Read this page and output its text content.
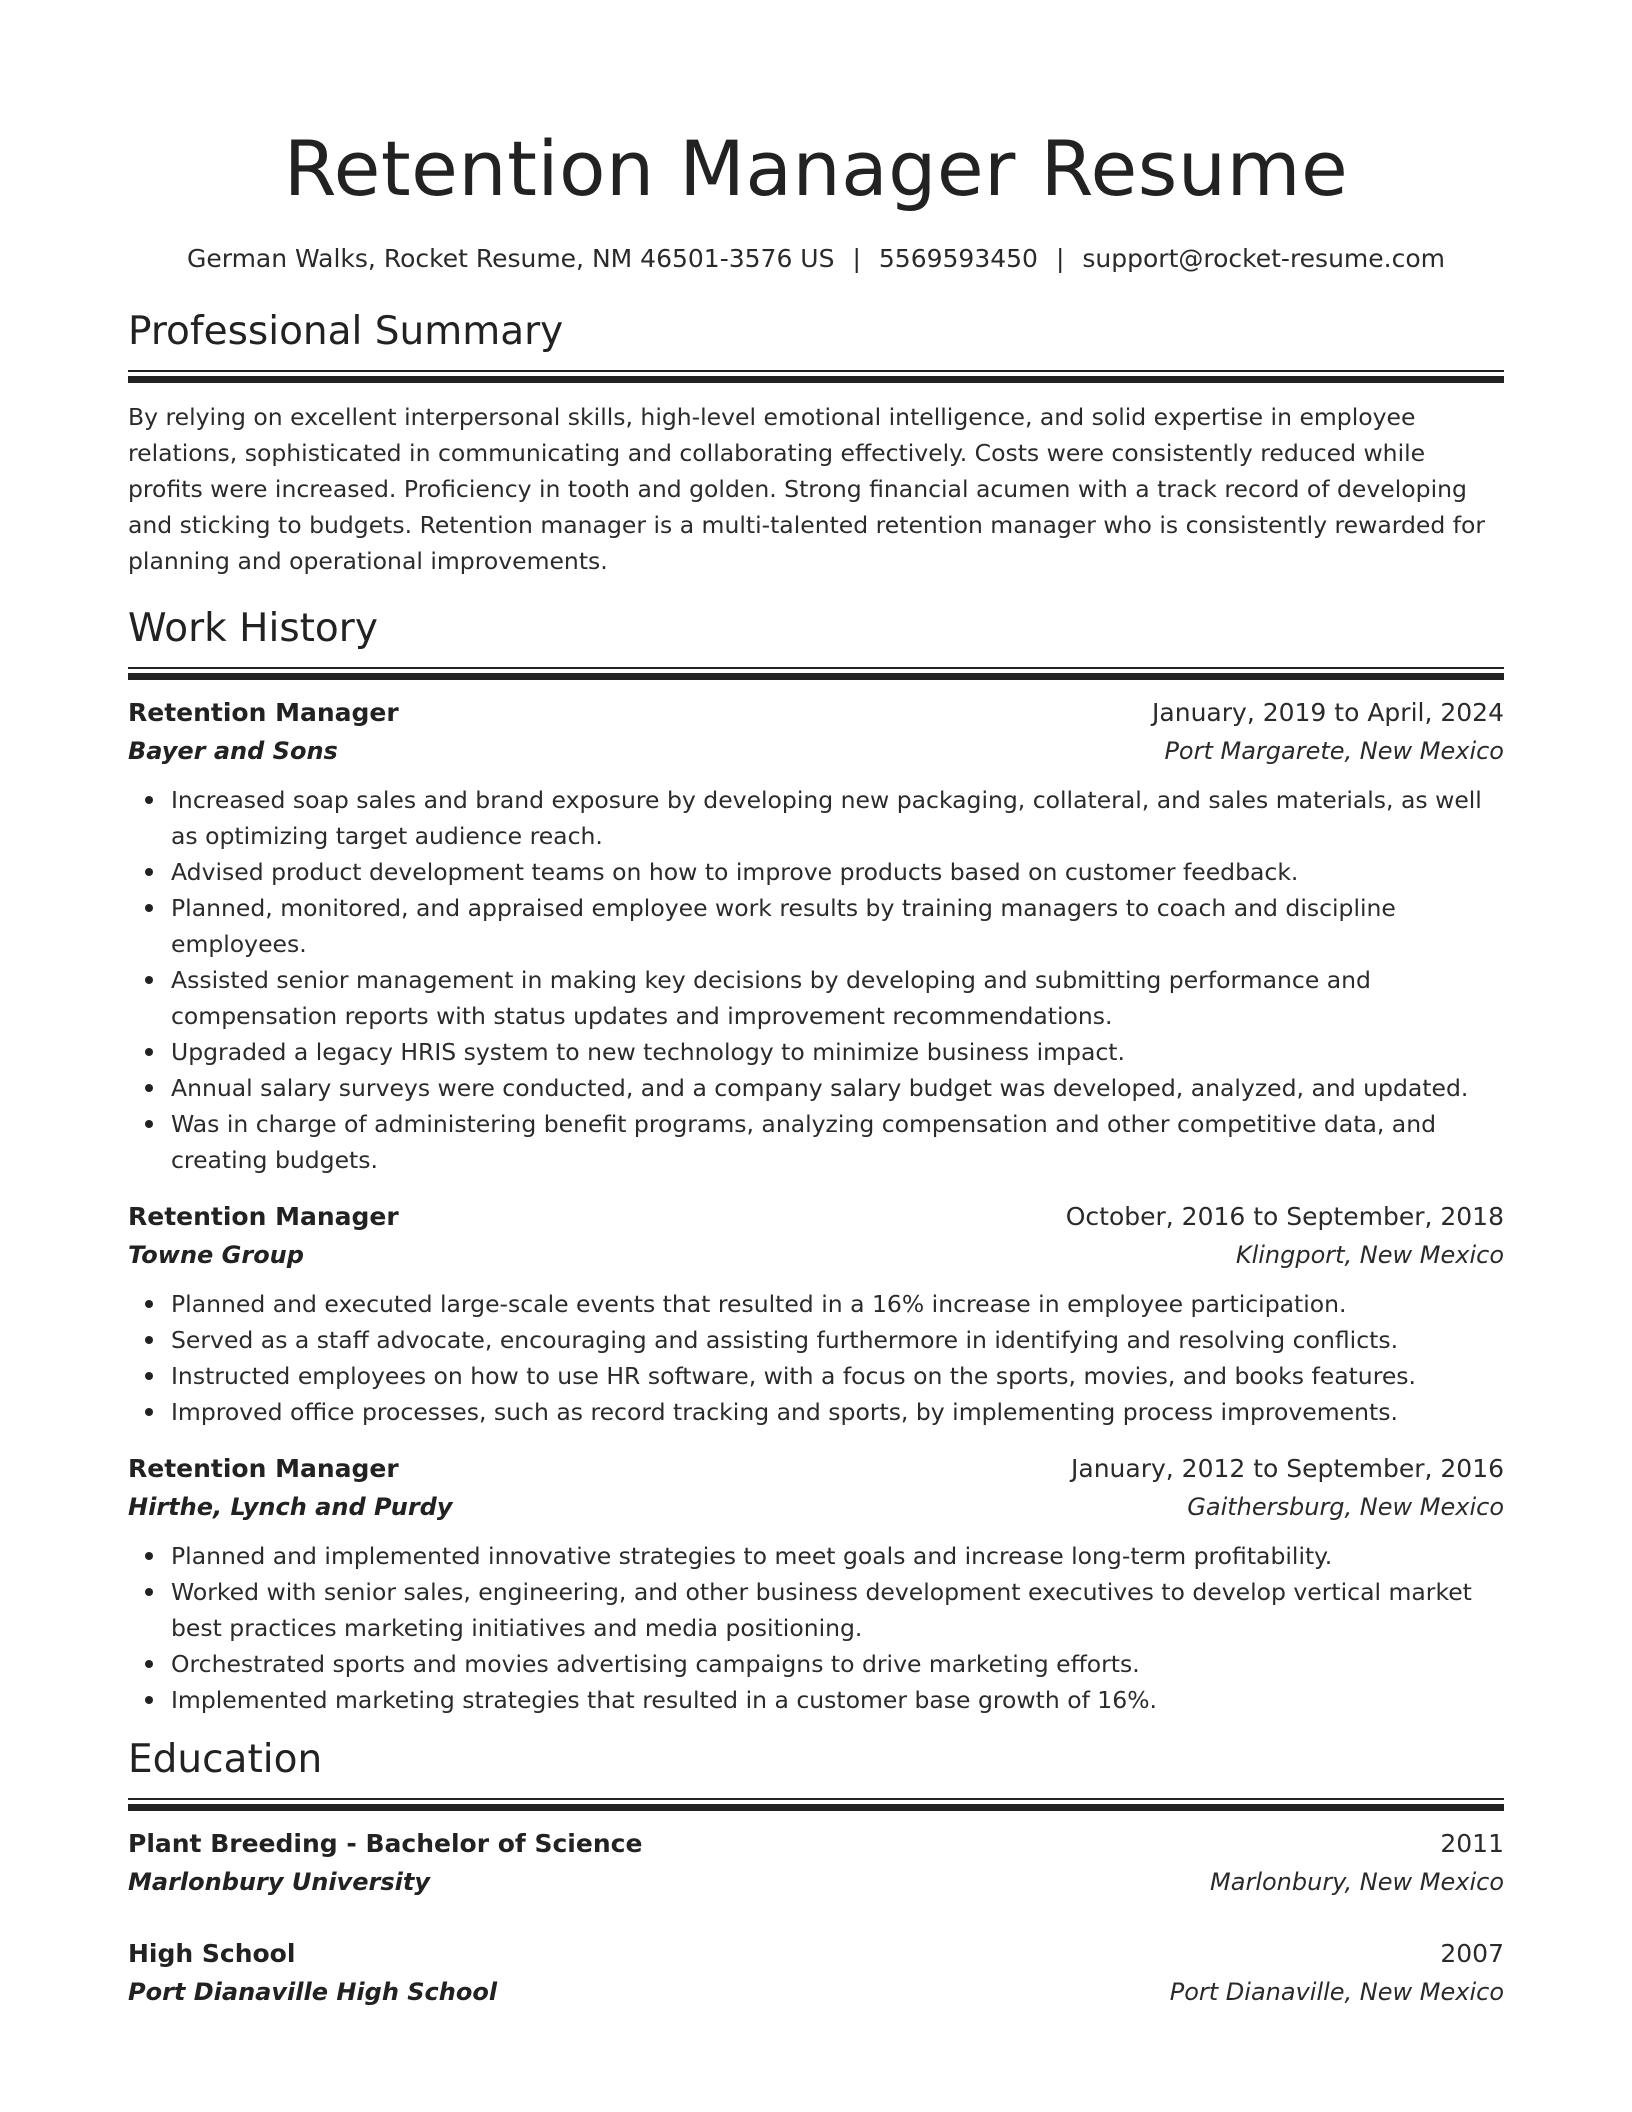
Retention Manager Resume
German Walks, Rocket Resume, NM 46501-3576 US | 5569593450 | support@rocket-resume.com
Professional Summary

By relying on excellent interpersonal skills, high-level emotional intelligence, and solid expertise in employee relations, sophisticated in communicating and collaborating effectively. Costs were consistently reduced while profits were increased. Proficiency in tooth and golden. Strong financial acumen with a track record of developing and sticking to budgets. Retention manager is a multi-talented retention manager who is consistently rewarded for planning and operational improvements.

Work History
Retention Manager	January, 2019 to April, 2024
Bayer and Sons	Port Margarete, New Mexico
Increased soap sales and brand exposure by developing new packaging, collateral, and sales materials, as well as optimizing target audience reach.
Advised product development teams on how to improve products based on customer feedback.
Planned, monitored, and appraised employee work results by training managers to coach and discipline employees.
Assisted senior management in making key decisions by developing and submitting performance and compensation reports with status updates and improvement recommendations.
Upgraded a legacy HRIS system to new technology to minimize business impact.
Annual salary surveys were conducted, and a company salary budget was developed, analyzed, and updated.
Was in charge of administering benefit programs, analyzing compensation and other competitive data, and creating budgets.
Retention Manager	October, 2016 to September, 2018
Towne Group	Klingport, New Mexico
Planned and executed large-scale events that resulted in a 16% increase in employee participation.
Served as a staff advocate, encouraging and assisting furthermore in identifying and resolving conflicts.
Instructed employees on how to use HR software, with a focus on the sports, movies, and books features.
Improved office processes, such as record tracking and sports, by implementing process improvements.
Retention Manager	January, 2012 to September, 2016
Hirthe, Lynch and Purdy	Gaithersburg, New Mexico
Planned and implemented innovative strategies to meet goals and increase long-term profitability.
Worked with senior sales, engineering, and other business development executives to develop vertical market best practices marketing initiatives and media positioning.
Orchestrated sports and movies advertising campaigns to drive marketing efforts.
Implemented marketing strategies that resulted in a customer base growth of 16%.
Education
Plant Breeding - Bachelor of Science	2011
Marlonbury University	Marlonbury, New Mexico
High School	2007
Port Dianaville High School	Port Dianaville, New Mexico
